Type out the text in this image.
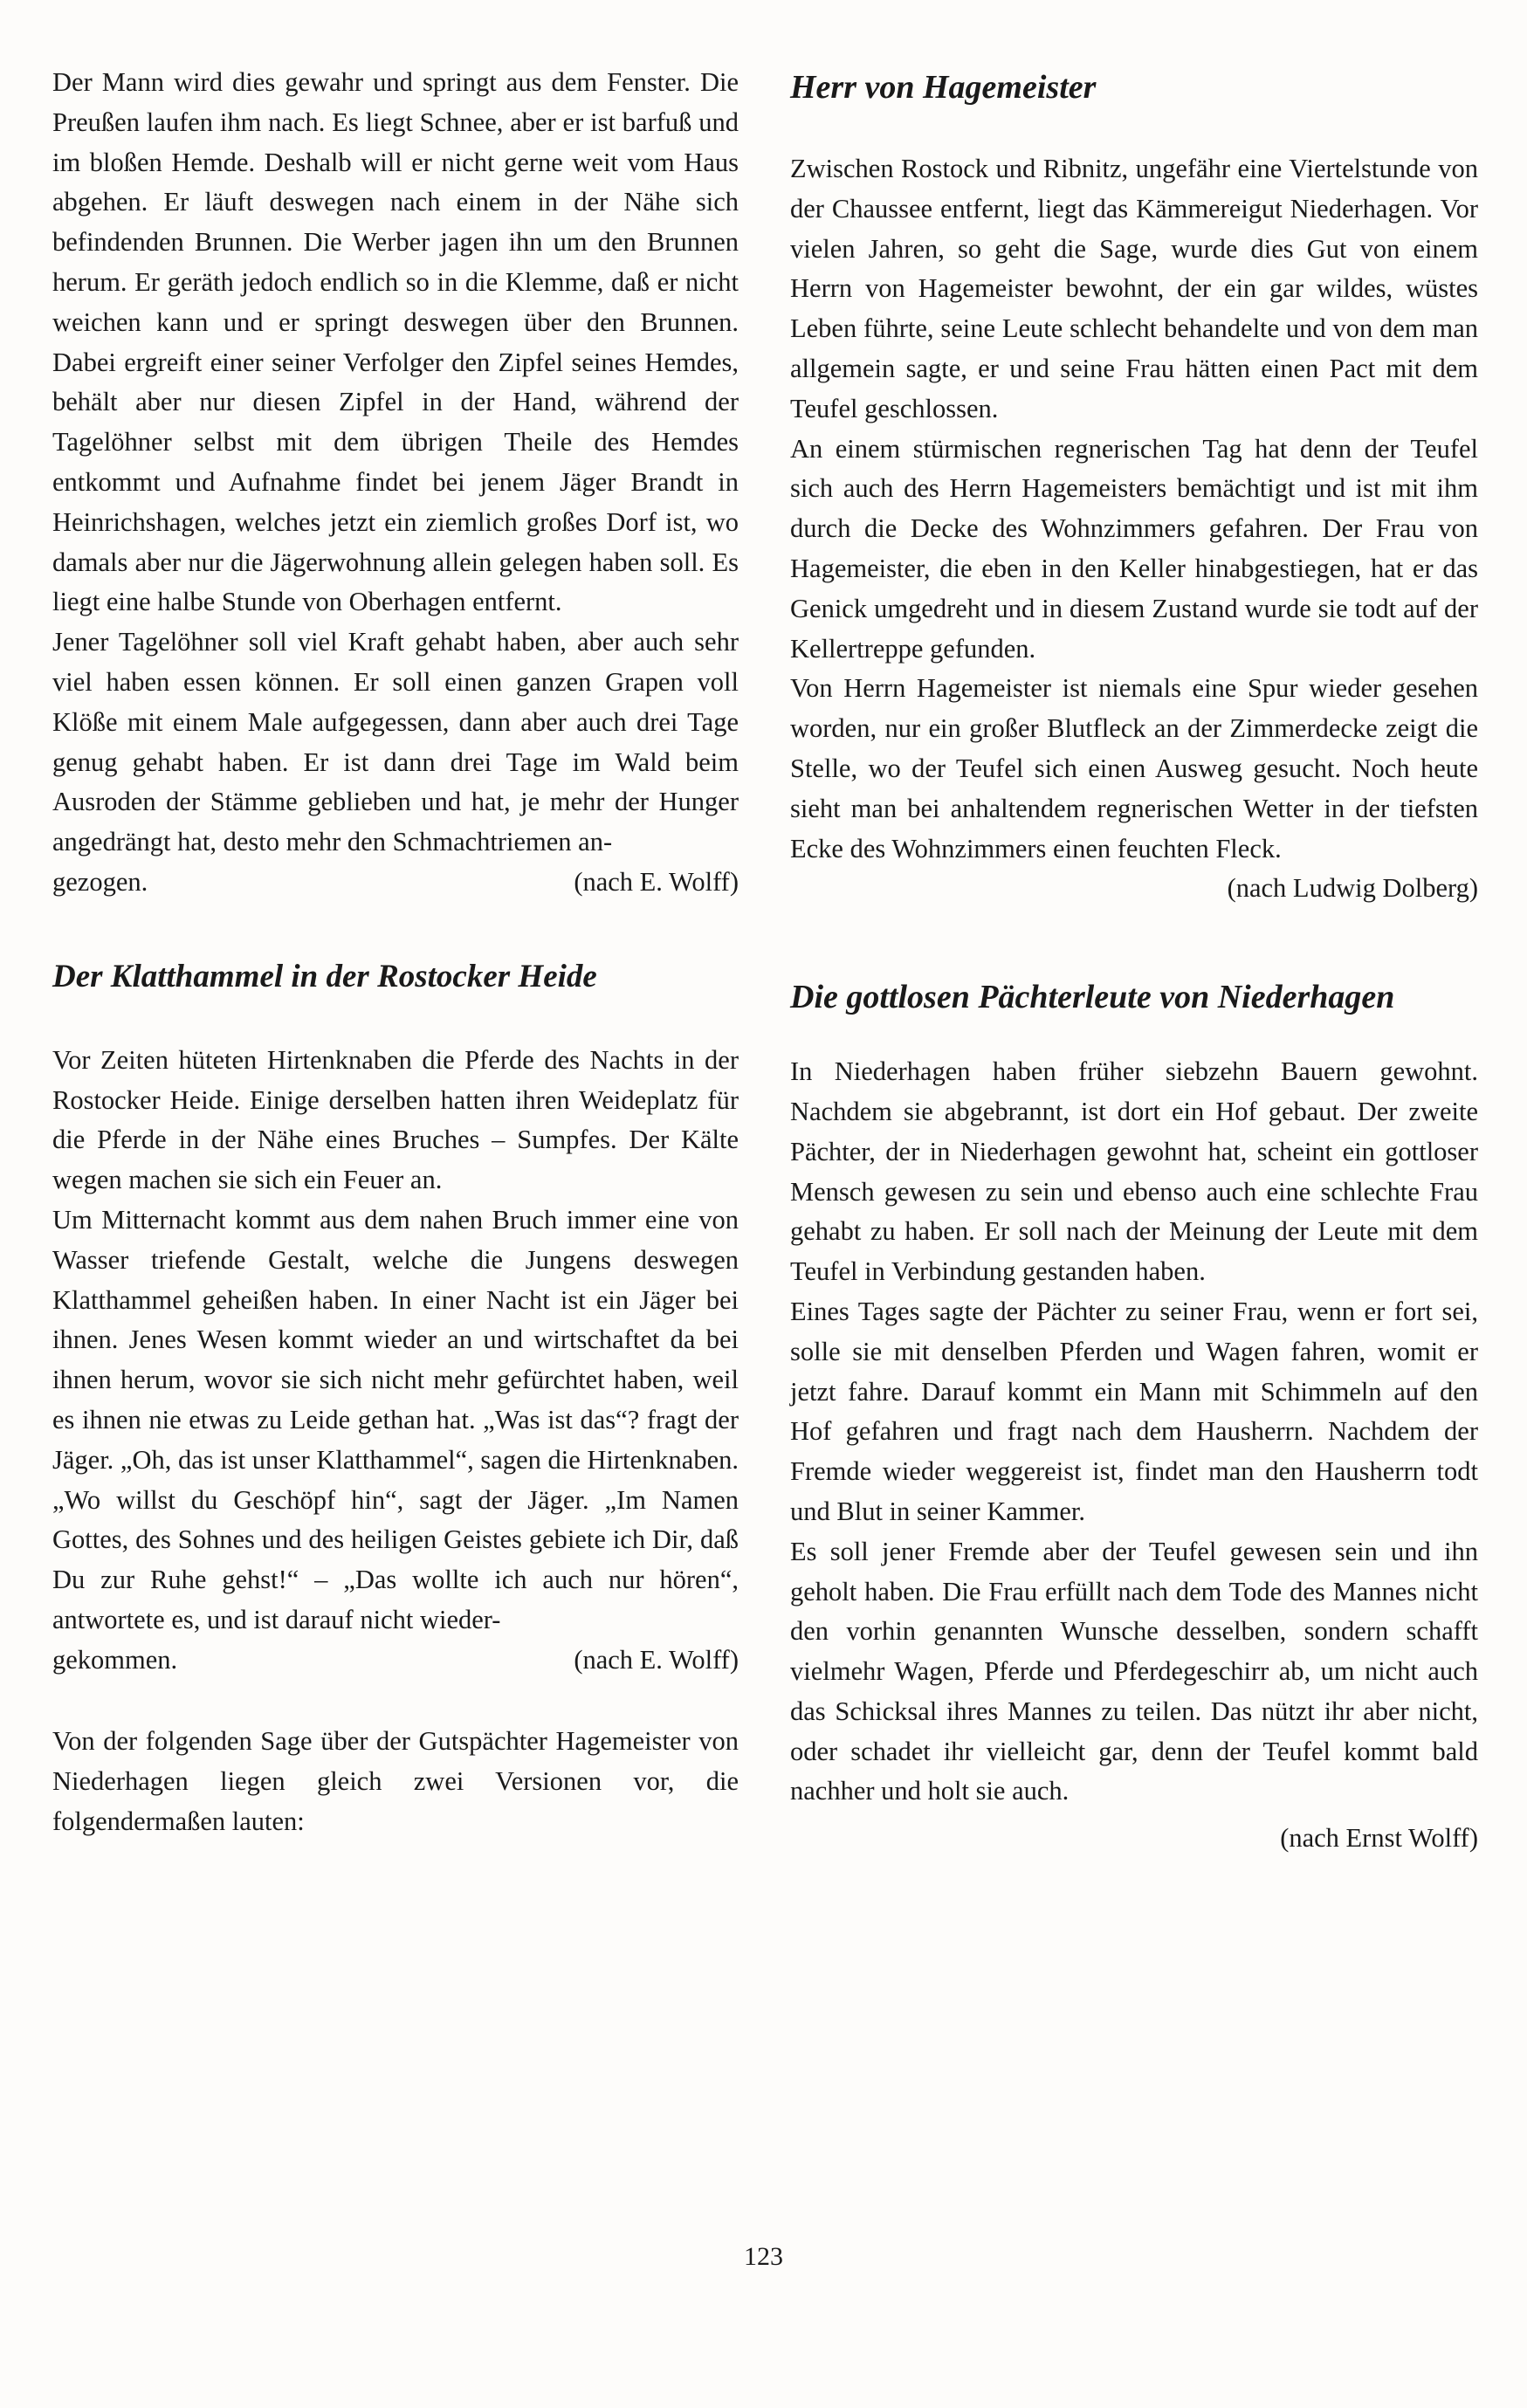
Der Mann wird dies gewahr und springt aus dem Fenster. Die Preußen laufen ihm nach. Es liegt Schnee, aber er ist barfuß und im bloßen Hemde. Deshalb will er nicht gerne weit vom Haus abgehen. Er läuft deswegen nach einem in der Nähe sich befindenden Brunnen. Die Werber jagen ihn um den Brunnen herum. Er geräth jedoch endlich so in die Klemme, daß er nicht weichen kann und er springt deswegen über den Brunnen. Dabei ergreift einer seiner Verfolger den Zipfel seines Hemdes, behält aber nur diesen Zipfel in der Hand, während der Tagelöhner selbst mit dem übrigen Theile des Hemdes entkommt und Aufnahme findet bei jenem Jäger Brandt in Heinrichshagen, welches jetzt ein ziemlich großes Dorf ist, wo damals aber nur die Jägerwohnung allein gelegen haben soll. Es liegt eine halbe Stunde von Oberhagen entfernt.

Jener Tagelöhner soll viel Kraft gehabt haben, aber auch sehr viel haben essen können. Er soll einen ganzen Grapen voll Klöße mit einem Male aufgegessen, dann aber auch drei Tage genug gehabt haben. Er ist dann drei Tage im Wald beim Ausroden der Stämme geblieben und hat, je mehr der Hunger angedrängt hat, desto mehr den Schmachtriemen an-

gezogen.	(nach E. Wolff)
Der Klatthammel in der Rostocker Heide

Vor Zeiten hüteten Hirtenknaben die Pferde des Nachts in der Rostocker Heide. Einige derselben hatten ihren Weideplatz für die Pferde in der Nähe eines Bruches – Sumpfes. Der Kälte wegen machen sie sich ein Feuer an.

Um Mitternacht kommt aus dem nahen Bruch immer eine von Wasser triefende Gestalt, welche die Jungens deswegen Klatthammel geheißen haben. In einer Nacht ist ein Jäger bei ihnen. Jenes Wesen kommt wieder an und wirtschaftet da bei ihnen herum, wovor sie sich nicht mehr gefürchtet haben, weil es ihnen nie etwas zu Leide gethan hat. „Was ist das“? fragt der Jäger. „Oh, das ist unser Klatthammel“, sagen die Hirtenknaben. „Wo willst du Geschöpf hin“, sagt der Jäger. „Im Namen Gottes, des Sohnes und des heiligen Geistes gebiete ich Dir, daß Du zur Ruhe gehst!“ – „Das wollte ich auch nur hören“, antwortete es, und ist darauf nicht wieder-

gekommen.	(nach E. Wolff)

Von der folgenden Sage über der Gutspächter Hagemeister von Niederhagen liegen gleich zwei Versionen vor, die folgendermaßen lauten:

Herr von Hagemeister

Zwischen Rostock und Ribnitz, ungefähr eine Viertelstunde von der Chaussee entfernt, liegt das Kämmereigut Niederhagen. Vor vielen Jahren, so geht die Sage, wurde dies Gut von einem Herrn von Hagemeister bewohnt, der ein gar wildes, wüstes Leben führte, seine Leute schlecht behandelte und von dem man allgemein sagte, er und seine Frau hätten einen Pact mit dem Teufel geschlossen.

An einem stürmischen regnerischen Tag hat denn der Teufel sich auch des Herrn Hagemeisters bemächtigt und ist mit ihm durch die Decke des Wohnzimmers gefahren. Der Frau von Hagemeister, die eben in den Keller hinabgestiegen, hat er das Genick umgedreht und in diesem Zustand wurde sie todt auf der Kellertreppe gefunden.

Von Herrn Hagemeister ist niemals eine Spur wieder gesehen worden, nur ein großer Blutfleck an der Zimmerdecke zeigt die Stelle, wo der Teufel sich einen Ausweg gesucht. Noch heute sieht man bei anhaltendem regnerischen Wetter in der tiefsten Ecke des Wohnzimmers einen feuchten Fleck.

(nach Ludwig Dolberg)
Die gottlosen Pächterleute von Niederhagen

In Niederhagen haben früher siebzehn Bauern gewohnt. Nachdem sie abgebrannt, ist dort ein Hof gebaut. Der zweite Pächter, der in Niederhagen gewohnt hat, scheint ein gottloser Mensch gewesen zu sein und ebenso auch eine schlechte Frau gehabt zu haben. Er soll nach der Meinung der Leute mit dem Teufel in Verbindung gestanden haben.

Eines Tages sagte der Pächter zu seiner Frau, wenn er fort sei, solle sie mit denselben Pferden und Wagen fahren, womit er jetzt fahre. Darauf kommt ein Mann mit Schimmeln auf den Hof gefahren und fragt nach dem Hausherrn. Nachdem der Fremde wieder weggereist ist, findet man den Hausherrn todt und Blut in seiner Kammer.

Es soll jener Fremde aber der Teufel gewesen sein und ihn geholt haben. Die Frau erfüllt nach dem Tode des Mannes nicht den vorhin genannten Wunsche desselben, sondern schafft vielmehr Wagen, Pferde und Pferdegeschirr ab, um nicht auch das Schicksal ihres Mannes zu teilen. Das nützt ihr aber nicht, oder schadet ihr vielleicht gar, denn der Teufel kommt bald nachher und holt sie auch.

(nach Ernst Wolff)
123
